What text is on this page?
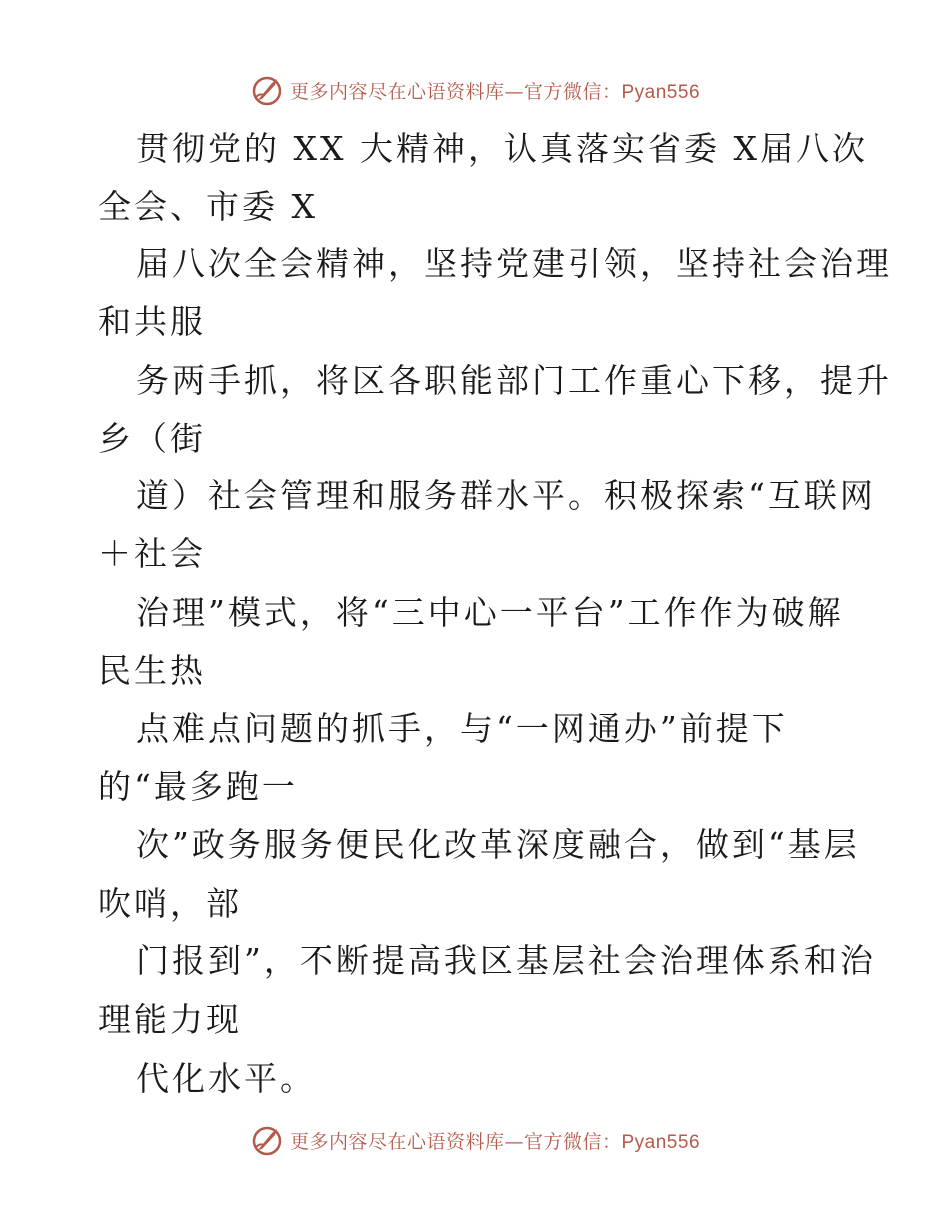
更多内容尽在心语资料库—官方微信：Pyan556
贯彻党的 XX 大精神，认真落实省委 X届八次
全会、市委 X
届八次全会精神，坚持党建引领，坚持社会治理
和共服
务两手抓，将区各职能部门工作重心下移，提升
乡（街
道）社会管理和服务群水平。积极探索“互联网
＋社会
治理”模式，将“三中心一平台”工作作为破解
民生热
点难点问题的抓手，与“一网通办”前提下
的“最多跑一
次”政务服务便民化改革深度融合，做到“基层
吹哨，部
门报到”，不断提高我区基层社会治理体系和治
理能力现
代化水平。
更多内容尽在心语资料库—官方微信：Pyan556
